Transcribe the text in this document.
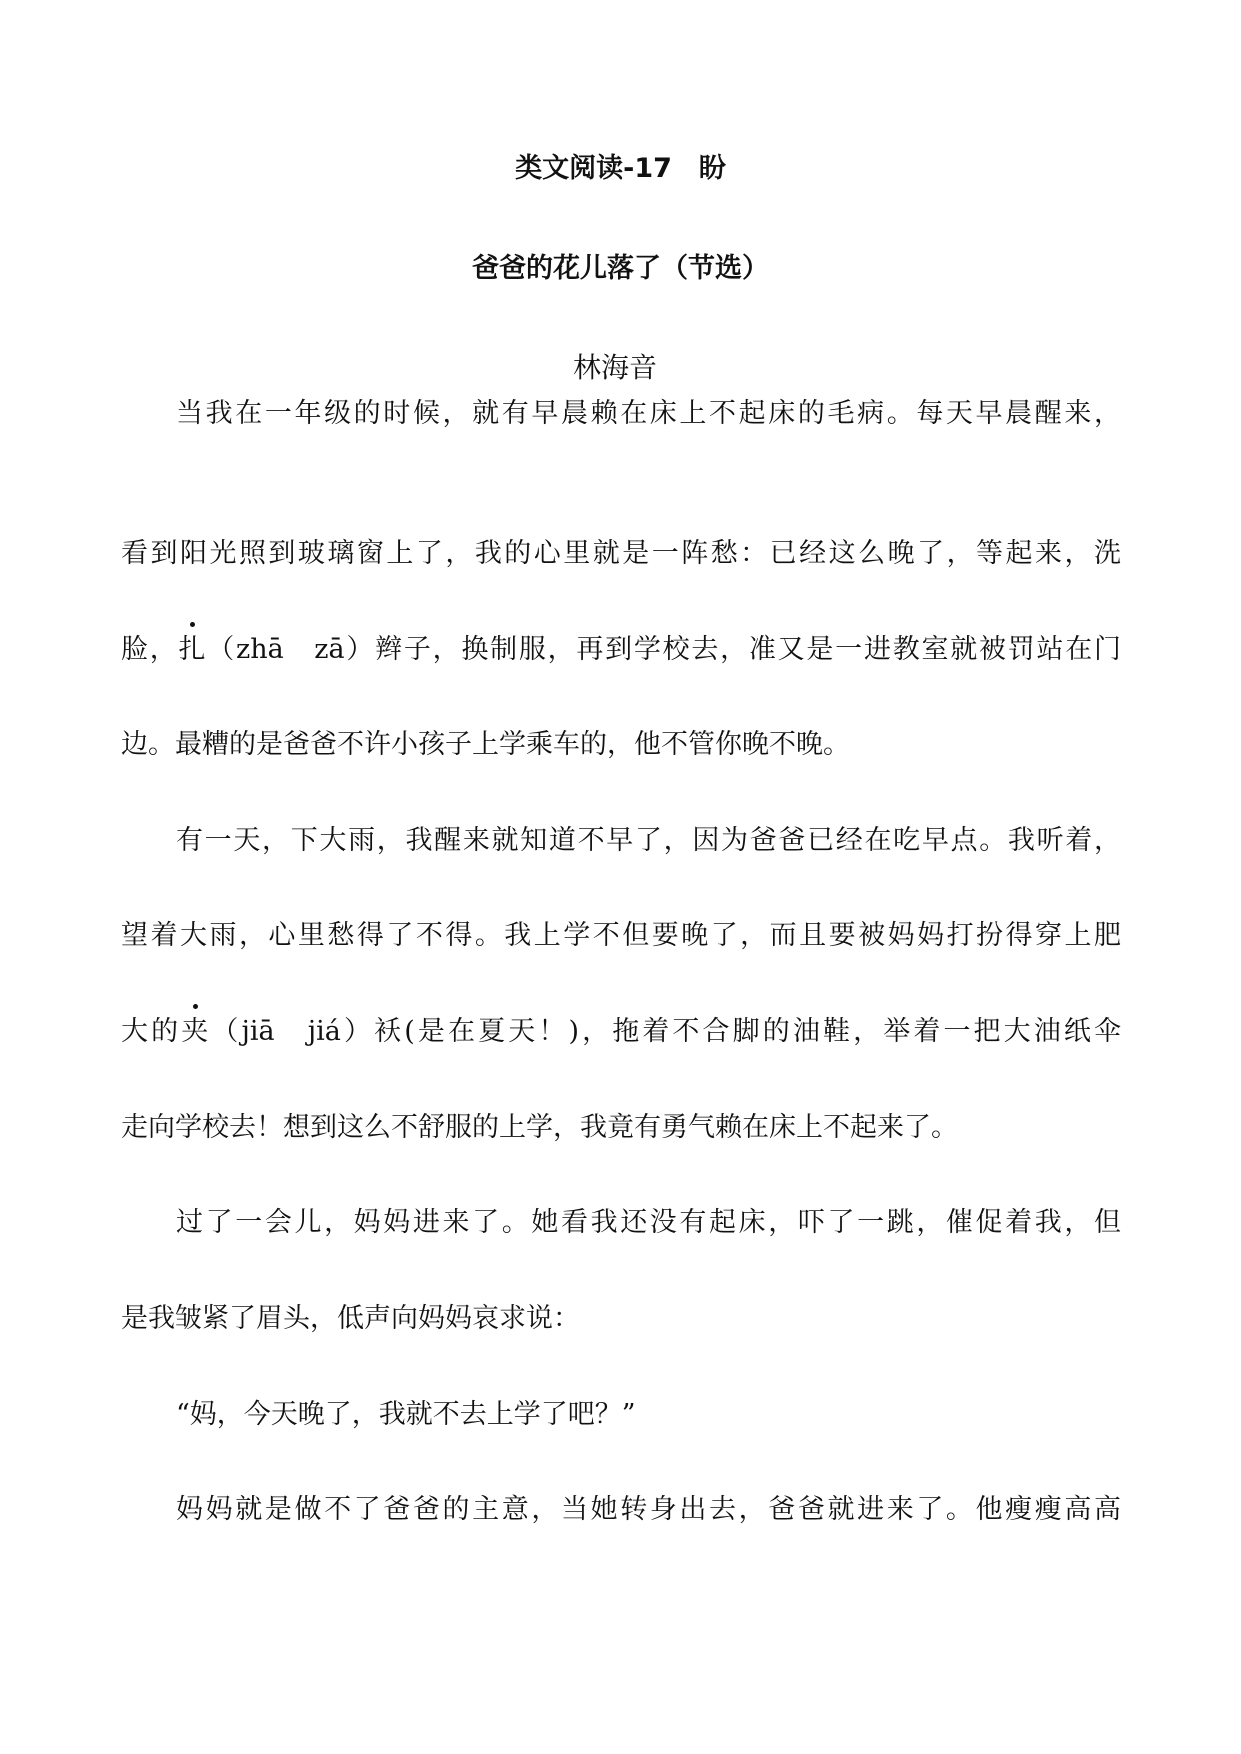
类文阅读-17　盼
爸爸的花儿落了（节选）
林海音
当我在一年级的时候，就有早晨赖在床上不起床的毛病。每天早晨醒来，
看到阳光照到玻璃窗上了，我的心里就是一阵愁：已经这么晚了，等起来，洗
脸，扎（zhā　zā）辫子，换制服，再到学校去，准又是一进教室就被罚站在门
边。最糟的是爸爸不许小孩子上学乘车的，他不管你晚不晚。
有一天，下大雨，我醒来就知道不早了，因为爸爸已经在吃早点。我听着，
望着大雨，心里愁得了不得。我上学不但要晚了，而且要被妈妈打扮得穿上肥
大的夹（jiā　jiá）袄(是在夏天！)，拖着不合脚的油鞋，举着一把大油纸伞
走向学校去！想到这么不舒服的上学，我竟有勇气赖在床上不起来了。
过了一会儿，妈妈进来了。她看我还没有起床，吓了一跳，催促着我，但
是我皱紧了眉头，低声向妈妈哀求说：
“妈，今天晚了，我就不去上学了吧？”
妈妈就是做不了爸爸的主意，当她转身出去，爸爸就进来了。他瘦瘦高高
